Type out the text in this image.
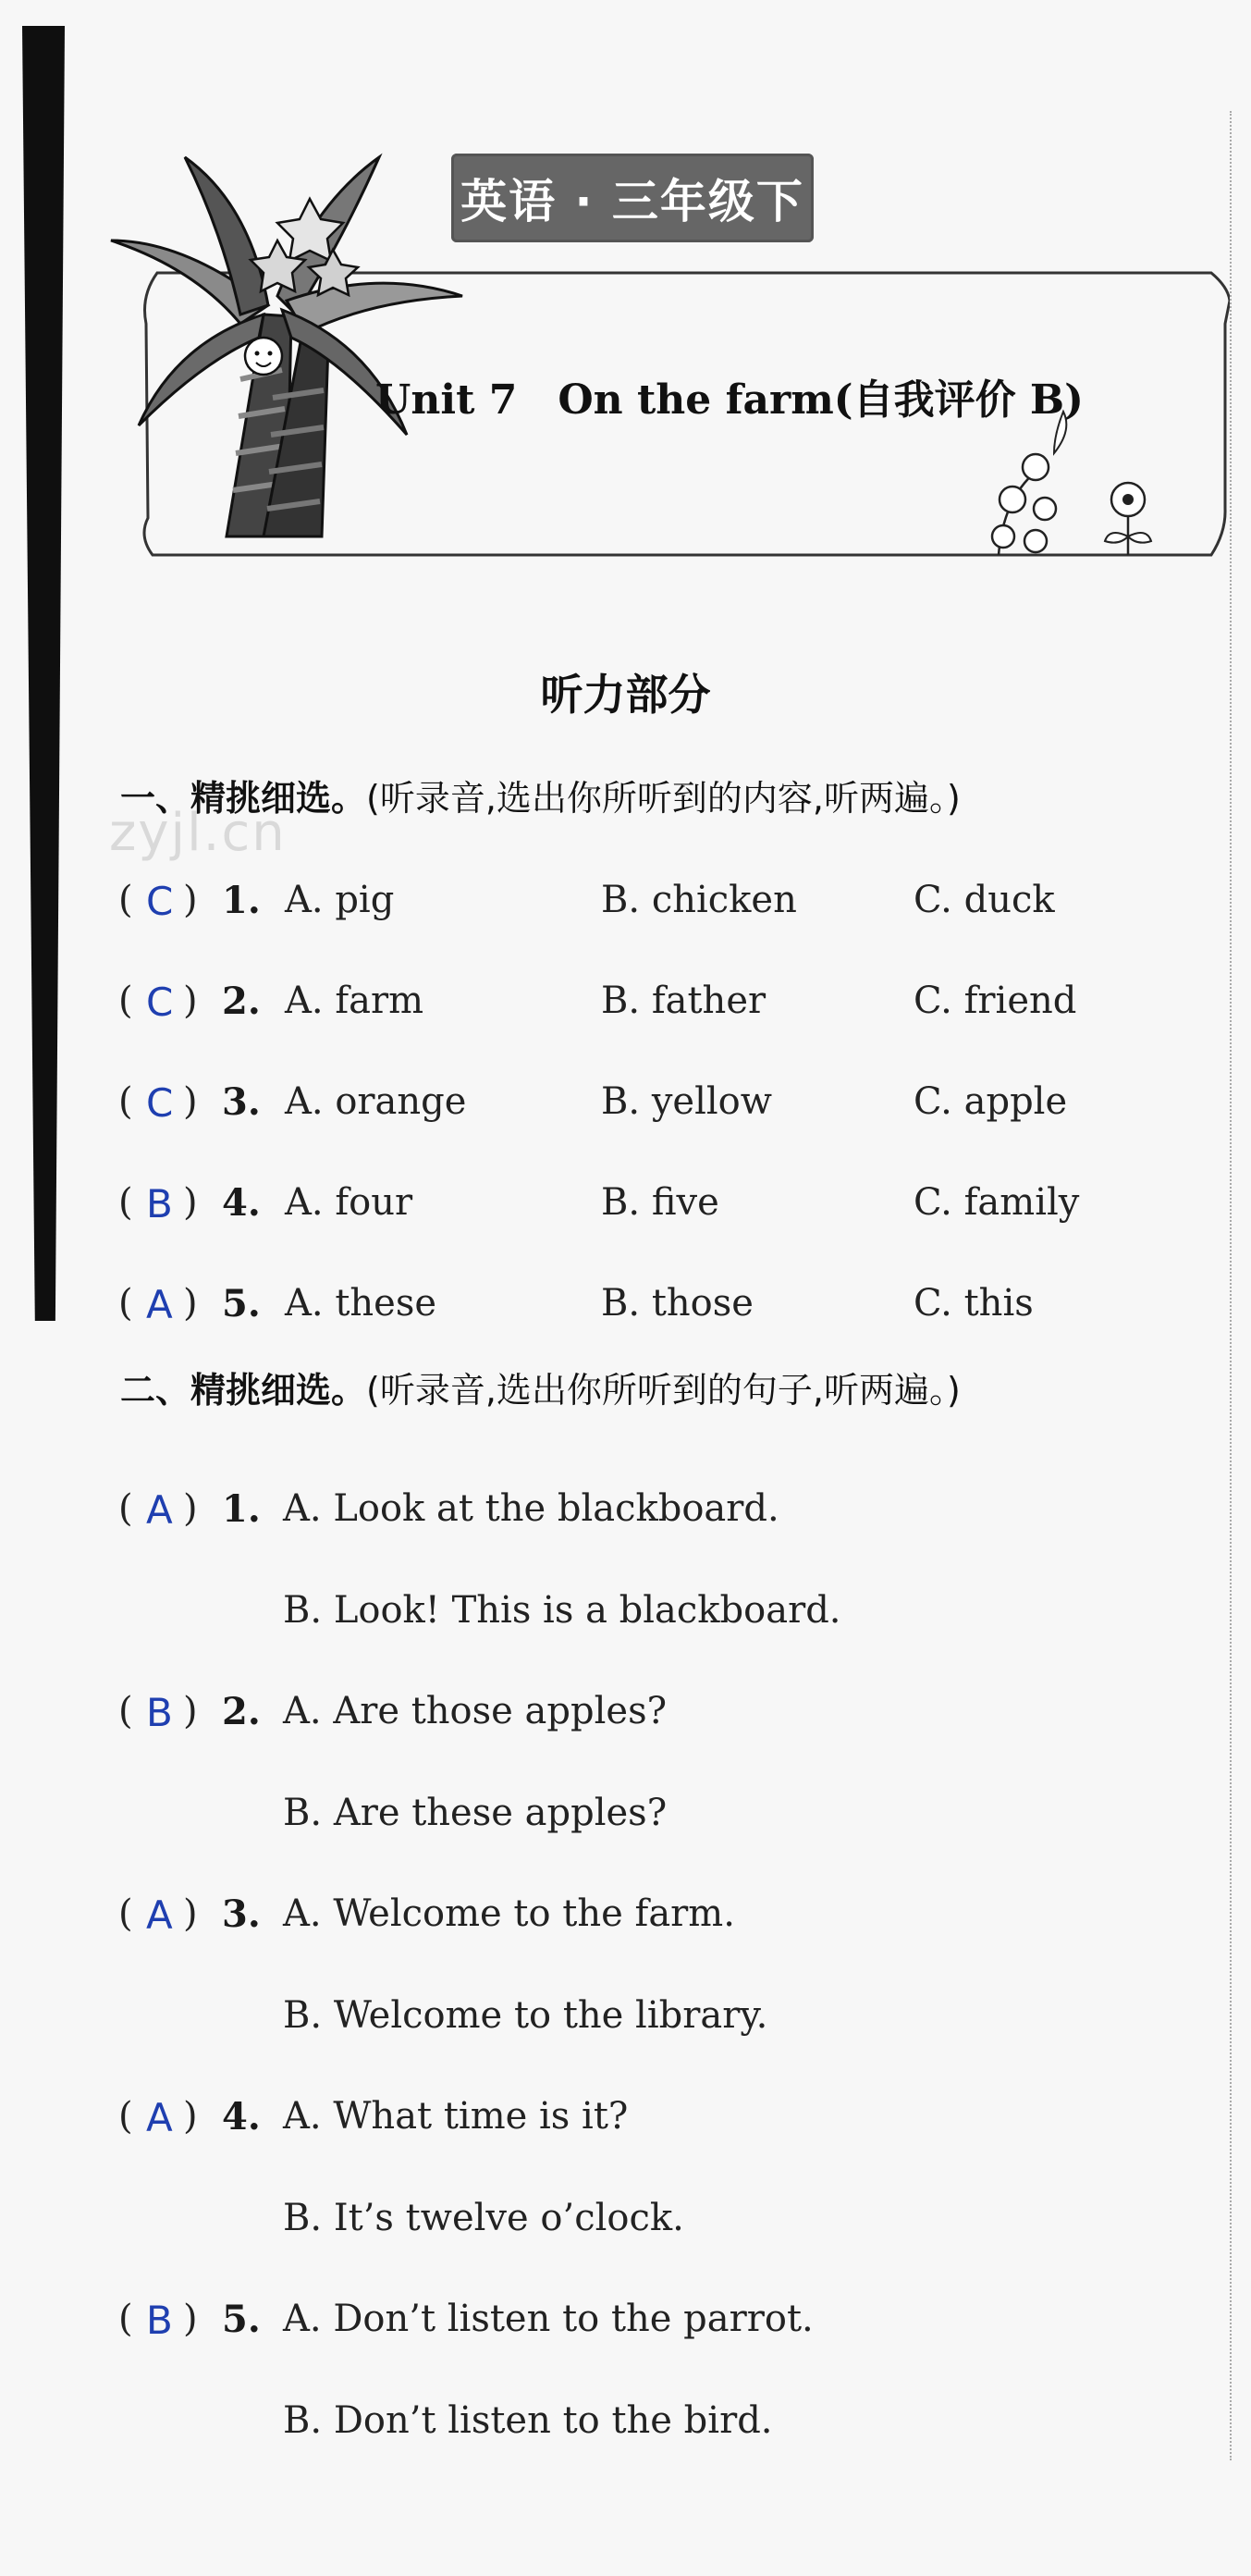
英语 · 三年级下
Unit 7　On the farm(自我评价 B)
听力部分
一、精挑细选。(听录音,选出你所听到的内容,听两遍。)
zyjl.cn
( C ) 1. A. pig	B. chicken	C. duck
( C ) 2. A. farm	B. father	C. friend
( C ) 3. A. orange	B. yellow	C. apple
( B ) 4. A. four	B. five	C. family
( A ) 5. A. these	B. those	C. this
二、精挑细选。(听录音,选出你所听到的句子,听两遍。)
( A ) 1. A. Look at the blackboard.
B. Look! This is a blackboard.
( B ) 2. A. Are those apples?
B. Are these apples?
( A ) 3. A. Welcome to the farm.
B. Welcome to the library.
( A ) 4. A. What time is it?
B. It’s twelve o’clock.
( B ) 5. A. Don’t listen to the parrot.
B. Don’t listen to the bird.
